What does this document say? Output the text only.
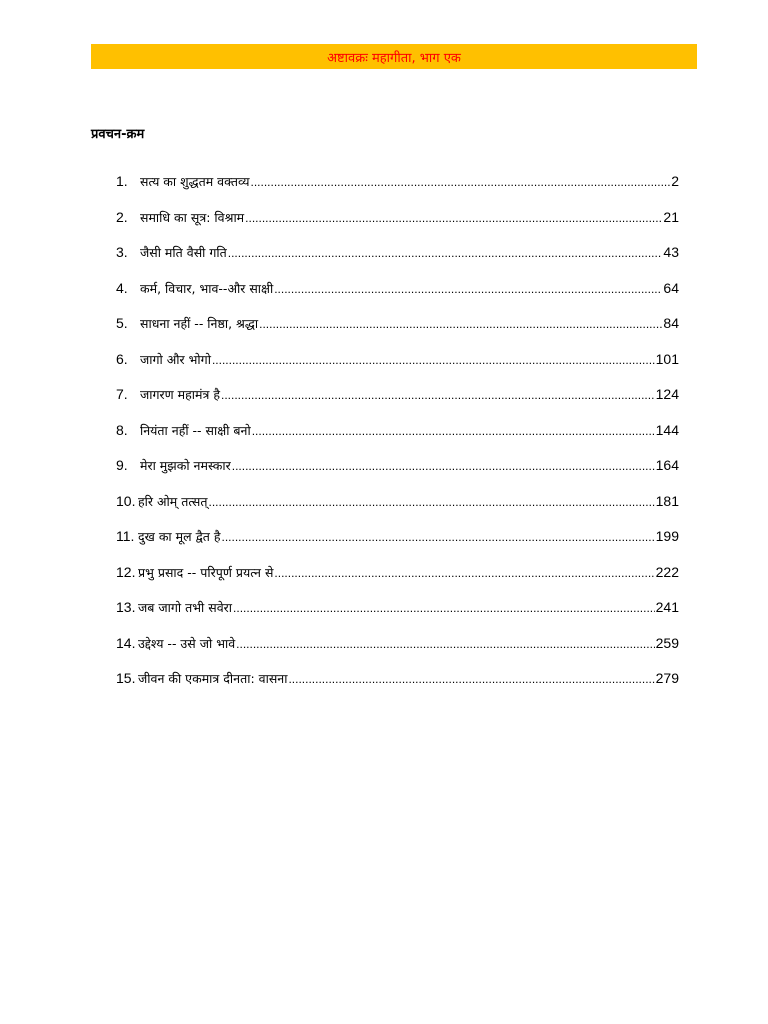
अष्टावक्रः महागीता, भाग एक
प्रवचन-क्रम
1. सत्य का शुद्धतम वक्तव्य .....	2
2. समाधि का सूत्र: विश्राम .....	21
3. जैसी मति वैसी गति .....	43
4. कर्म, विचार, भाव--और साक्षी .....	64
5. साधना नहीं -- निष्ठा, श्रद्धा .....	84
6. जागो और भोगो .....	101
7. जागरण महामंत्र है .....	124
8. नियंता नहीं -- साक्षी बनो .....	144
9. मेरा मुझको नमस्कार .....	164
10. हरि ओम् तत्सत् .....	181
11. दुख का मूल द्वैत है .....	199
12. प्रभु प्रसाद -- परिपूर्ण प्रयत्न से .....	222
13. जब जागो तभी सवेरा .....	241
14. उद्देश्य -- उसे जो भावे .....	259
15. जीवन की एकमात्र दीनता: वासना .....	279
